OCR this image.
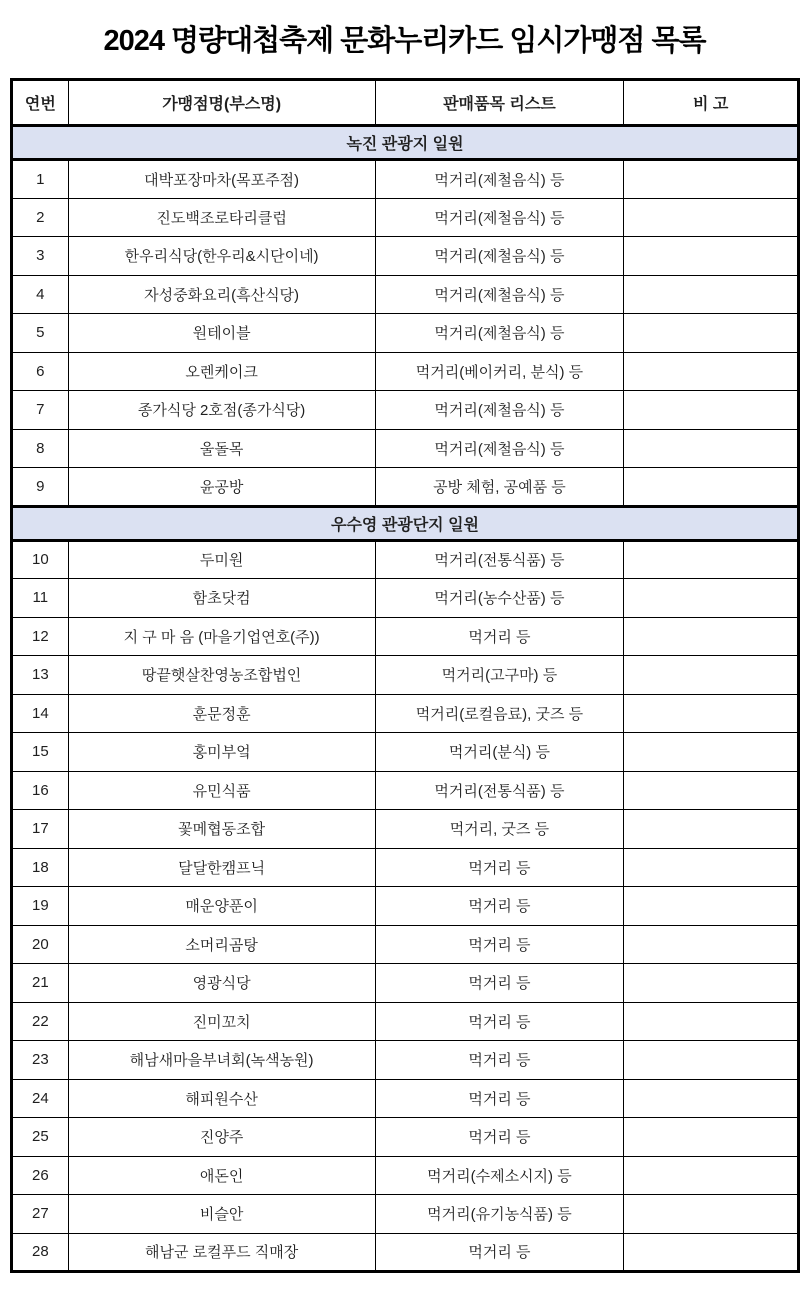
2024 명량대첩축제 문화누리카드 임시가맹점 목록
연번	가맹점명(부스명)	판매품목 리스트	비 고
녹진 관광지 일원			
1	대박포장마차(목포주점)	먹거리(제철음식) 등	
2	진도백조로타리클럽	먹거리(제철음식) 등	
3	한우리식당(한우리&시단이네)	먹거리(제철음식) 등	
4	자성중화요리(흑산식당)	먹거리(제철음식) 등	
5	원테이블	먹거리(제철음식) 등	
6	오렌케이크	먹거리(베이커리, 분식) 등	
7	종가식당 2호점(종가식당)	먹거리(제철음식) 등	
8	울돌목	먹거리(제철음식) 등	
9	윤공방	공방 체험, 공예품 등	
우수영 관광단지 일원			
10	두미원	먹거리(전통식품) 등	
11	함초닷컴	먹거리(농수산품) 등	
12	지 구 마 음 (마을기업연호(주))	먹거리 등	
13	땅끝햇살찬영농조합법인	먹거리(고구마) 등	
14	훈문정훈	먹거리(로컬음료), 굿즈 등	
15	홍미부엌	먹거리(분식) 등	
16	유민식품	먹거리(전통식품) 등	
17	꽃메협동조합	먹거리, 굿즈 등	
18	달달한캠프닉	먹거리 등	
19	매운양푼이	먹거리 등	
20	소머리곰탕	먹거리 등	
21	영광식당	먹거리 등	
22	진미꼬치	먹거리 등	
23	해남새마을부녀회(녹색농원)	먹거리 등	
24	해피원수산	먹거리 등	
25	진양주	먹거리 등	
26	애돈인	먹거리(수제소시지) 등	
27	비슬안	먹거리(유기농식품) 등	
28	해남군 로컬푸드 직매장	먹거리 등	
